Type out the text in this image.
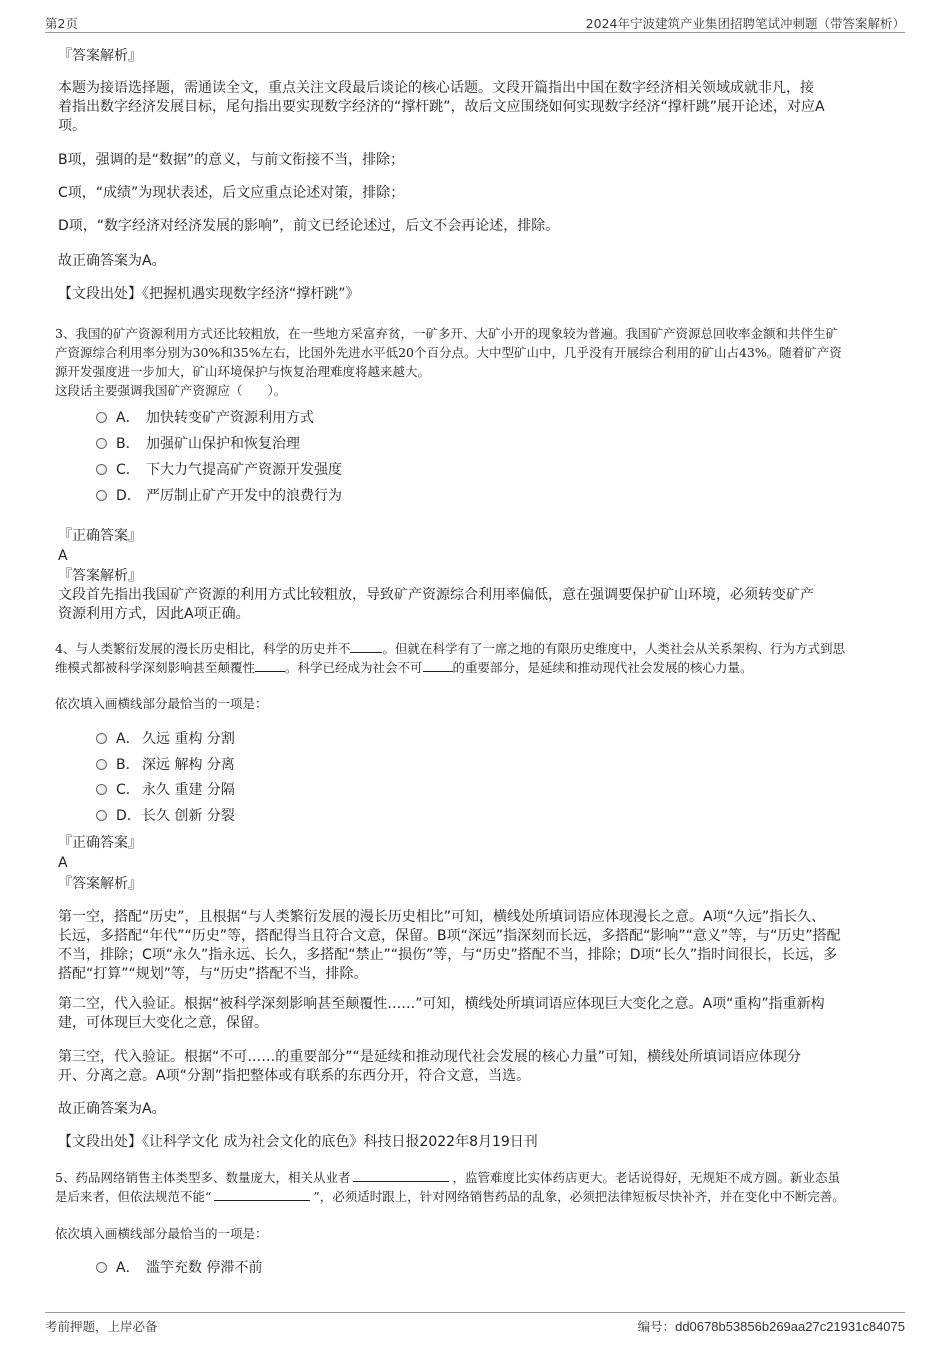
第2页	2024年宁波建筑产业集团招聘笔试冲刺题（带答案解析）
『答案解析』
本题为接语选择题，需通读全文，重点关注文段最后谈论的核心话题。文段开篇指出中国在数字经济相关领域成就非凡，接
着指出数字经济发展目标，尾句指出要实现数字经济的“撑杆跳”，故后文应围绕如何实现数字经济“撑杆跳”展开论述，对应A
项。
B项，强调的是“数据”的意义，与前文衔接不当，排除；
C项，“成绩”为现状表述，后文应重点论述对策，排除；
D项，“数字经济对经济发展的影响”，前文已经论述过，后文不会再论述，排除。
故正确答案为A。
【文段出处】《把握机遇实现数字经济“撑杆跳”》
3、我国的矿产资源利用方式还比较粗放，在一些地方采富弃贫，一矿多开、大矿小开的现象较为普遍。我国矿产资源总回收率金额和共伴生矿
产资源综合利用率分别为30%和35%左右，比国外先进水平低20个百分点。大中型矿山中，几乎没有开展综合利用的矿山占43%。随着矿产资
源开发强度进一步加大，矿山环境保护与恢复治理难度将越来越大。
这段话主要强调我国矿产资源应（　　）。
A． 加快转变矿产资源利用方式
B． 加强矿山保护和恢复治理
C． 下大力气提高矿产资源开发强度
D． 严厉制止矿产开发中的浪费行为
『正确答案』
A
『答案解析』
文段首先指出我国矿产资源的利用方式比较粗放，导致矿产资源综合利用率偏低，意在强调要保护矿山环境，必须转变矿产
资源利用方式，因此A项正确。
4、与人类繁衍发展的漫长历史相比，科学的历史并不	。但就在科学有了一席之地的有限历史维度中，人类社会从关系架构、行为方式到思
维模式都被科学深刻影响甚至颠覆性 。科学已经成为社会不可 的重要部分，是延续和推动现代社会发展的核心力量。
依次填入画横线部分最恰当的一项是：
A． 久远 重构 分割
B． 深远 解构 分离
C． 永久 重建 分隔
D．长久 创新 分裂
『正确答案』
A
『答案解析』
第一空，搭配“历史”，且根据“与人类繁衍发展的漫长历史相比”可知，横线处所填词语应体现漫长之意。A项“久远”指长久、
长远，多搭配“年代”“历史”等，搭配得当且符合文意，保留。B项“深远”指深刻而长远，多搭配“影响”“意义”等，与“历史”搭配
不当，排除；C项“永久”指永远、长久，多搭配“禁止”“损伤”等，与“历史”搭配不当，排除；D项“长久”指时间很长，长远，多
搭配“打算”“规划”等，与“历史”搭配不当，排除。
第二空，代入验证。根据“被科学深刻影响甚至颠覆性……”可知，横线处所填词语应体现巨大变化之意。A项“重构”指重新构
建，可体现巨大变化之意，保留。
第三空，代入验证。根据“不可……的重要部分”“是延续和推动现代社会发展的核心力量”可知，横线处所填词语应体现分
开、分离之意。A项“分割”指把整体或有联系的东西分开，符合文意，当选。
故正确答案为A。
【文段出处】《让科学文化 成为社会文化的底色》科技日报2022年8月19日刊
5、药品网络销售主体类型多、数量庞大，相关从业者	，监管难度比实体药店更大。老话说得好，无规矩不成方圆。新业态虽
是后来者，但依法规范不能“	”，必须适时跟上，针对网络销售药品的乱象，必须把法律短板尽快补齐，并在变化中不断完善。
依次填入画横线部分最恰当的一项是：
A． 滥竽充数 停滞不前
考前押题，上岸必备	编号：dd0678b53856b269aa27c21931c84075
